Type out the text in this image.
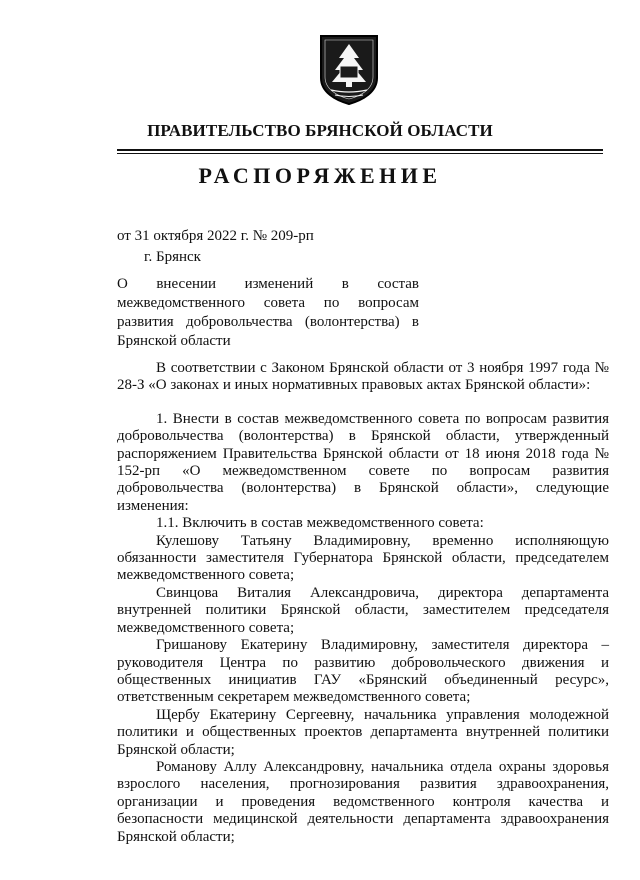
ПРАВИТЕЛЬСТВО БРЯНСКОЙ ОБЛАСТИ
РАСПОРЯЖЕНИЕ
от 31 октября 2022 г. № 209-рп
г. Брянск
О внесении изменений в состав межведомственного совета по вопросам развития добровольчества (волонтерства) в Брянской области

В соответствии с Законом Брянской области от 3 ноября 1997 года № 28-З «О законах и иных нормативных правовых актах Брянской области»:

1. Внести в состав межведомственного совета по вопросам развития добровольчества (волонтерства) в Брянской области, утвержденный распоряжением Правительства Брянской области от 18 июня 2018 года № 152-рп «О межведомственном совете по вопросам развития добровольчества (волонтерства) в Брянской области», следующие изменения:

1.1. Включить в состав межведомственного совета:

Кулешову Татьяну Владимировну, временно исполняющую обязанности заместителя Губернатора Брянской области, председателем межведомственного совета;

Свинцова Виталия Александровича, директора департамента внутренней политики Брянской области, заместителем председателя межведомственного совета;

Гришанову Екатерину Владимировну, заместителя директора – руководителя Центра по развитию добровольческого движения и общественных инициатив ГАУ «Брянский объединенный ресурс», ответственным секретарем межведомственного совета;

Щербу Екатерину Сергеевну, начальника управления молодежной политики и общественных проектов департамента внутренней политики Брянской области;

Романову Аллу Александровну, начальника отдела охраны здоровья взрослого населения, прогнозирования развития здравоохранения, организации и проведения ведомственного контроля качества и безопасности медицинской деятельности департамента здравоохранения Брянской области;
